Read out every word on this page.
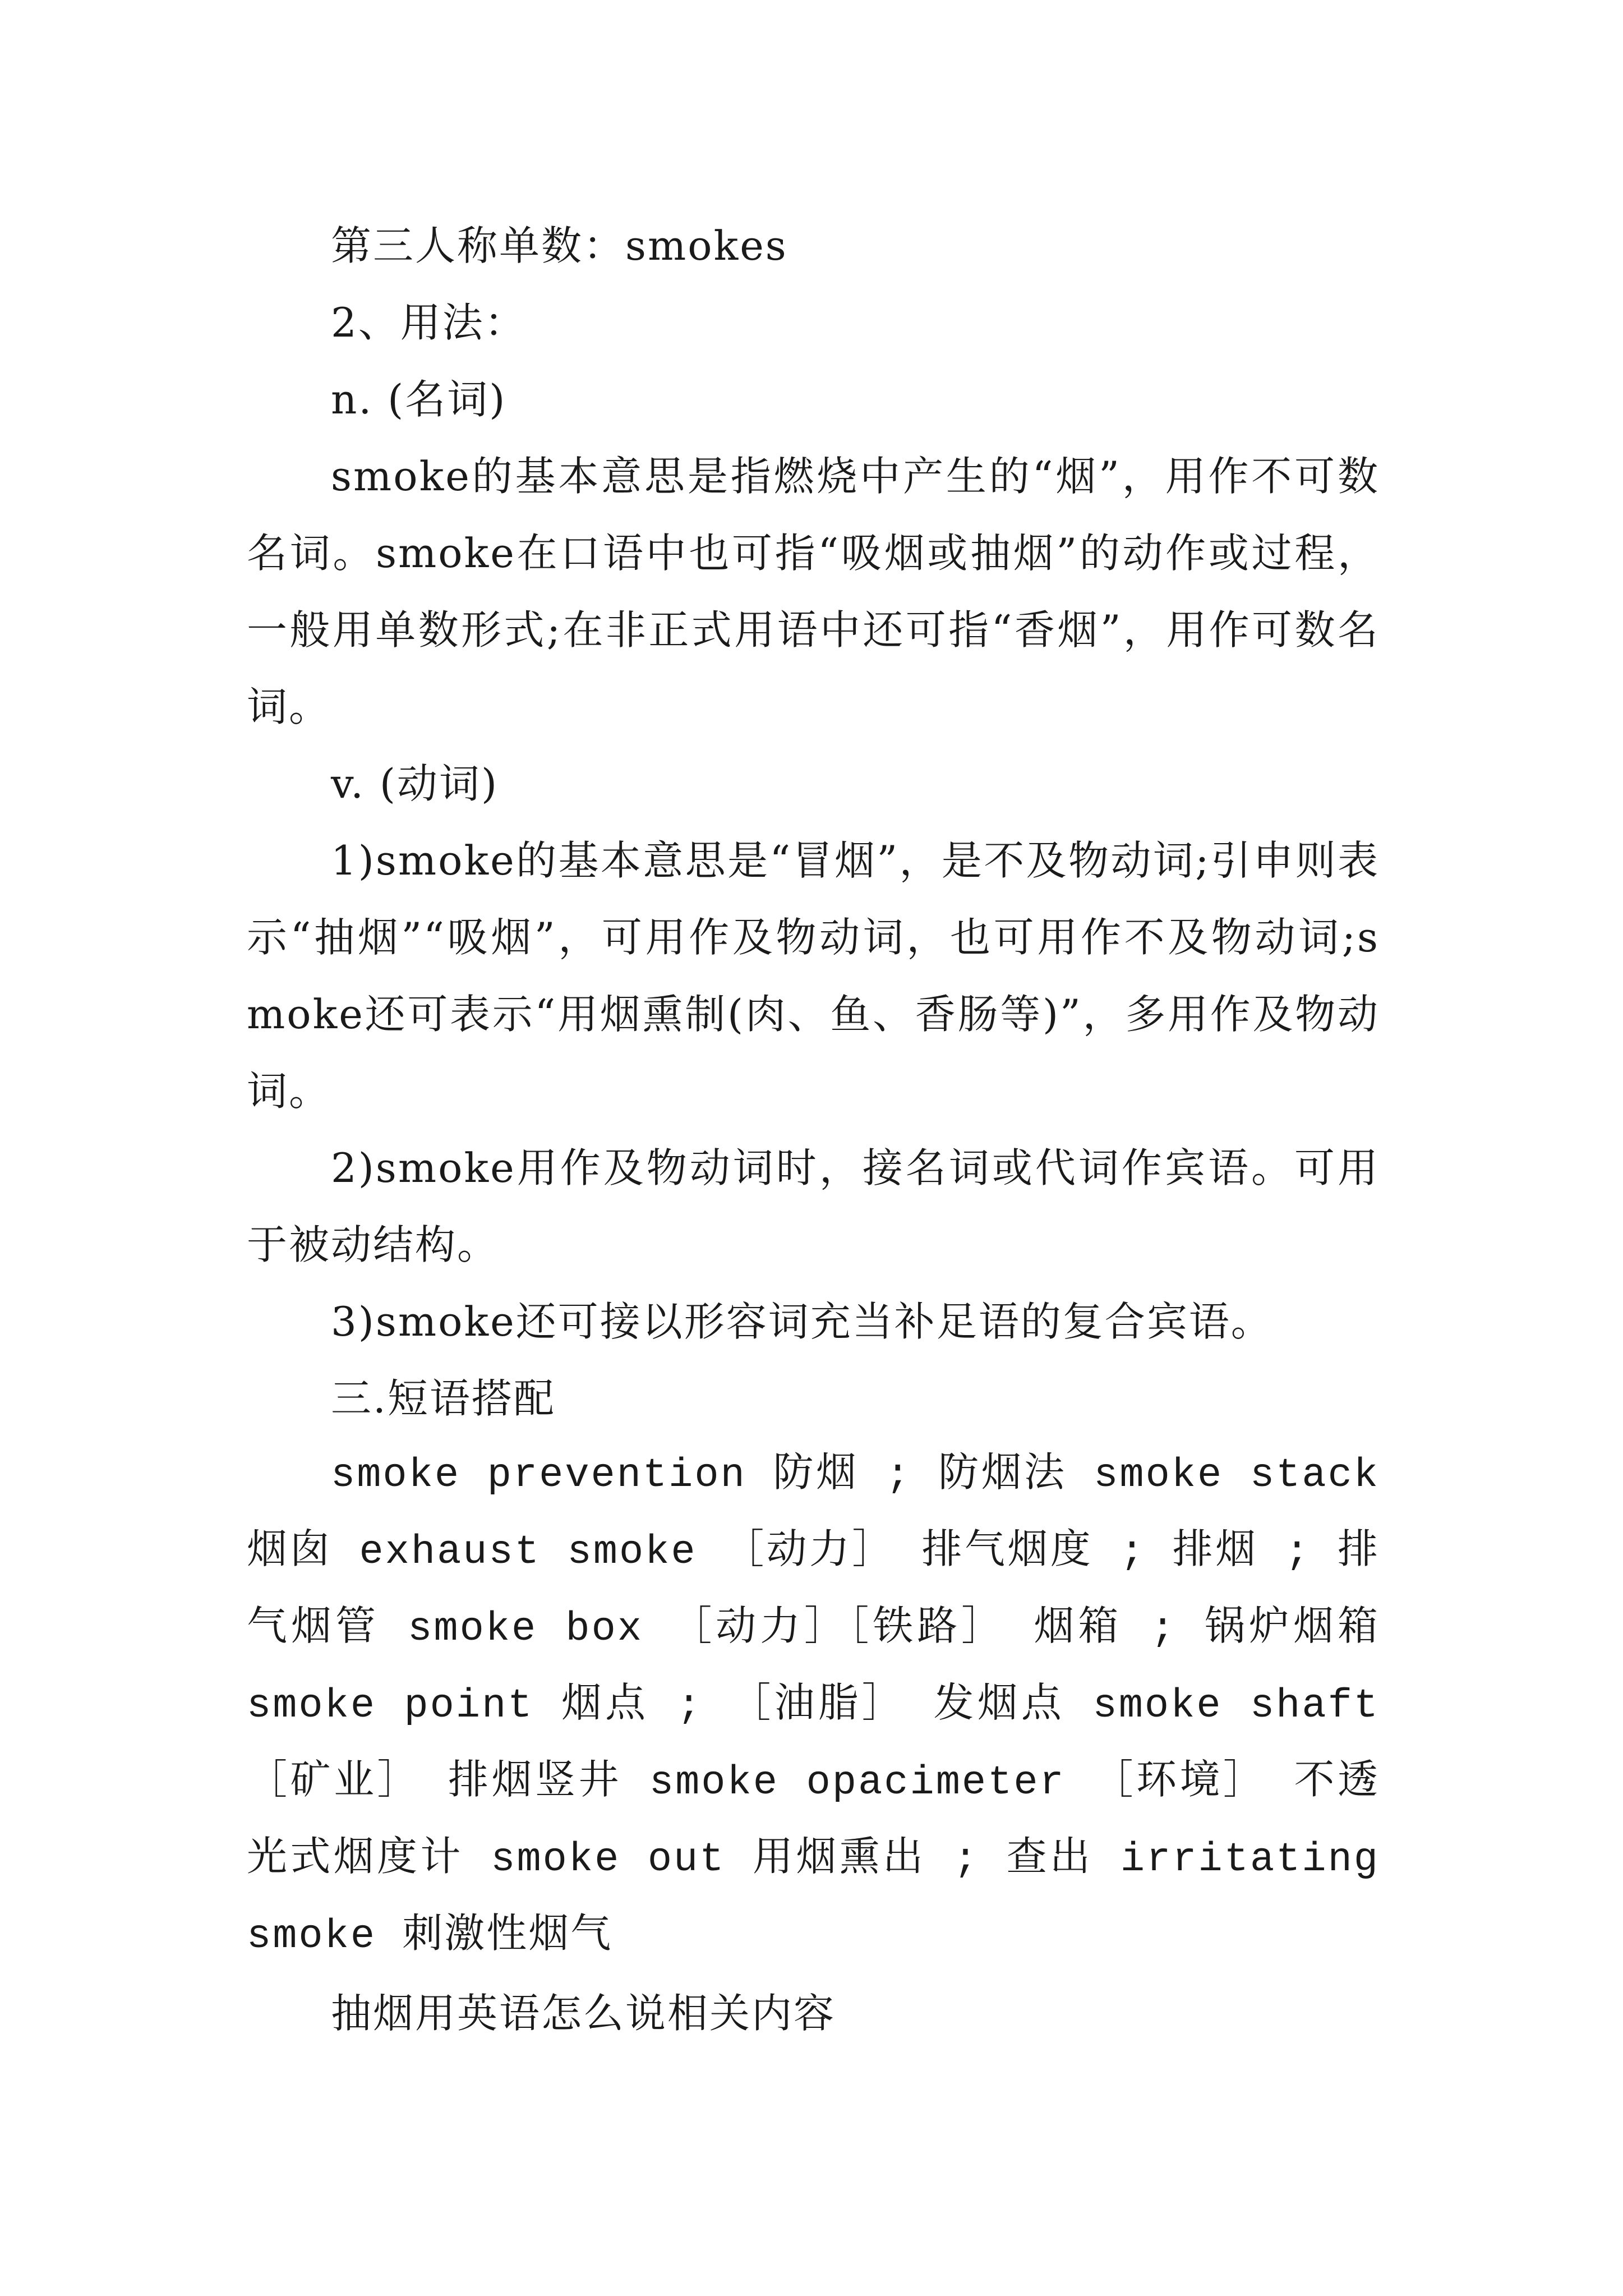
第三人称单数：smokes

2、用法：

n. (名词)

smoke的基本意思是指燃烧中产生的“烟”，用作不可数名词。smoke在口语中也可指“吸烟或抽烟”的动作或过程，一般用单数形式;在非正式用语中还可指“香烟”，用作可数名词。

v. (动词)

1)smoke的基本意思是“冒烟”，是不及物动词;引申则表示“抽烟”“吸烟”，可用作及物动词，也可用作不及物动词;smoke还可表示“用烟熏制(肉、鱼、香肠等)”，多用作及物动词。

2)smoke用作及物动词时，接名词或代词作宾语。可用于被动结构。

3)smoke还可接以形容词充当补足语的复合宾语。

三.短语搭配

smoke prevention 防烟 ; 防烟法 smoke stack 烟囱 exhaust smoke ［动力］ 排气烟度 ; 排烟 ; 排气烟管 smoke box ［动力］［铁路］ 烟箱 ; 锅炉烟箱 smoke point 烟点 ; ［油脂］ 发烟点 smoke shaft ［矿业］ 排烟竖井 smoke opacimeter ［环境］ 不透光式烟度计 smoke out 用烟熏出 ; 查出 irritating smoke 刺激性烟气

抽烟用英语怎么说相关内容
